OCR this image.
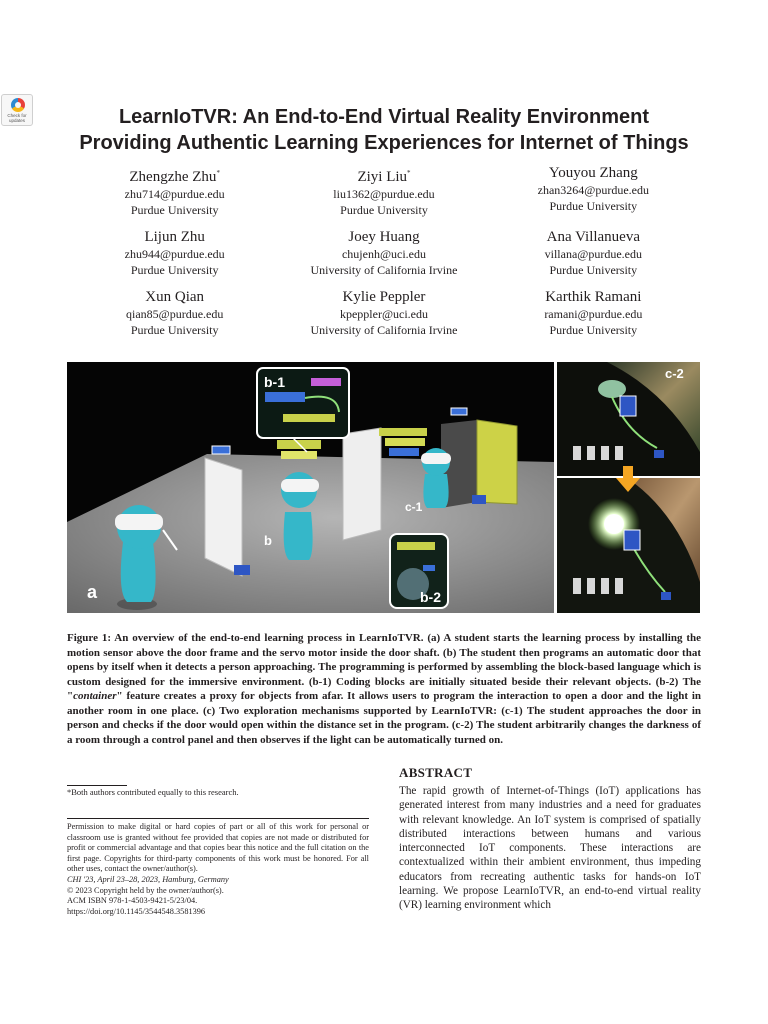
Check for
updates	LearnIoTVR: An End-to-End Virtual Reality Environment
Providing Authentic Learning Experiences for Internet of Things
Zhengzhe Zhu*
zhu714@purdue.edu
Purdue University
Ziyi Liu*
liu1362@purdue.edu
Purdue University
Youyou Zhang
zhan3264@purdue.edu
Purdue University
Lijun Zhu
zhu944@purdue.edu
Purdue University
Joey Huang
chujenh@uci.edu
University of California Irvine
Ana Villanueva
villana@purdue.edu
Purdue University
Xun Qian
qian85@purdue.edu
Purdue University
Kylie Peppler
kpeppler@uci.edu
University of California Irvine
Karthik Ramani
ramani@purdue.edu
Purdue University
b-1
b-2
a
b
c-1
c-2
Figure 1: An overview of the end-to-end learning process in LearnIoTVR. (a) A student starts the learning process by installing the motion sensor above the door frame and the servo motor inside the door shaft. (b) The student then programs an automatic door that opens by itself when it detects a person approaching. The programming is performed by assembling the block-based language which is custom designed for the immersive environment. (b-1) Coding blocks are initially situated beside their relevant objects. (b-2) The "container" feature creates a proxy for objects from afar. It allows users to program the interaction to open a door and the light in another room in one place. (c) Two exploration mechanisms supported by LearnIoTVR: (c-1) The student approaches the door in person and checks if the door would open within the distance set in the program. (c-2) The student arbitrarily changes the darkness of a room through a control panel and then observes if the light can be automatically turned on.
*Both authors contributed equally to this research.

Permission to make digital or hard copies of part or all of this work for personal or classroom use is granted without fee provided that copies are not made or distributed for profit or commercial advantage and that copies bear this notice and the full citation on the first page. Copyrights for third-party components of this work must be honored. For all other uses, contact the owner/author(s).

CHI '23, April 23–28, 2023, Hamburg, Germany

© 2023 Copyright held by the owner/author(s).

ACM ISBN 978-1-4503-9421-5/23/04.

https://doi.org/10.1145/3544548.3581396

ABSTRACT
The rapid growth of Internet-of-Things (IoT) applications has generated interest from many industries and a need for graduates with relevant knowledge. An IoT system is comprised of spatially distributed interactions between humans and various interconnected IoT components. These interactions are contextualized within their ambient environment, thus impeding educators from recreating authentic tasks for hands-on IoT learning. We propose LearnIoTVR, an end-to-end virtual reality (VR) learning environment which
